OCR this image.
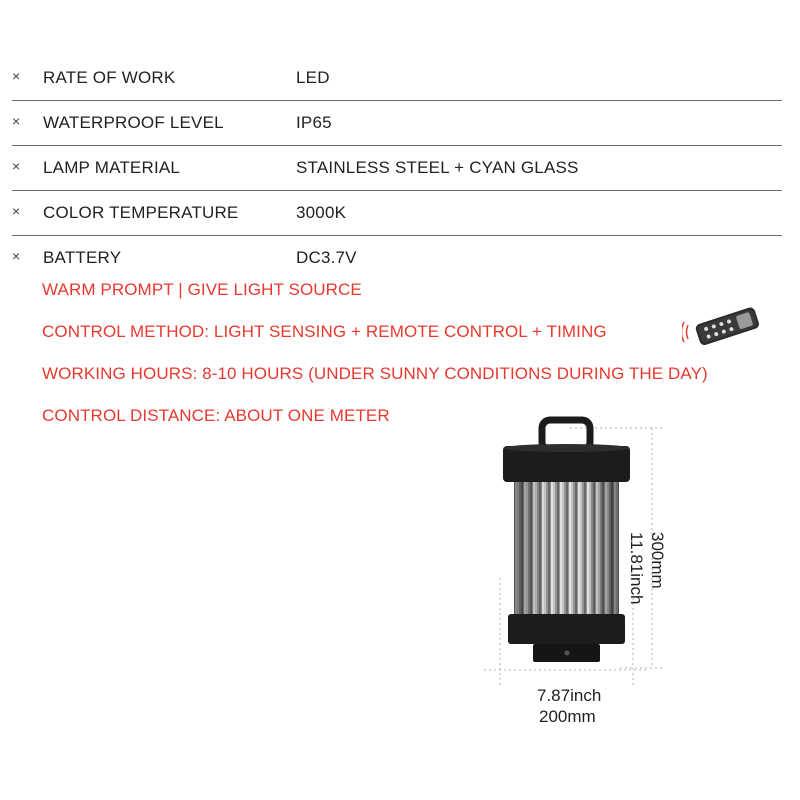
× RATE OF WORK	LED
× WATERPROOF LEVEL	IP65
× LAMP MATERIAL	STAINLESS STEEL + CYAN GLASS
× COLOR TEMPERATURE	3000K
× BATTERY	DC3.7V
WARM PROMPT | GIVE LIGHT SOURCE
CONTROL METHOD: LIGHT SENSING + REMOTE CONTROL + TIMING
WORKING HOURS: 8-10 HOURS (UNDER SUNNY CONDITIONS DURING THE DAY)
CONTROL DISTANCE: ABOUT ONE METER
300mm
11.81inch
7.87inch
200mm
